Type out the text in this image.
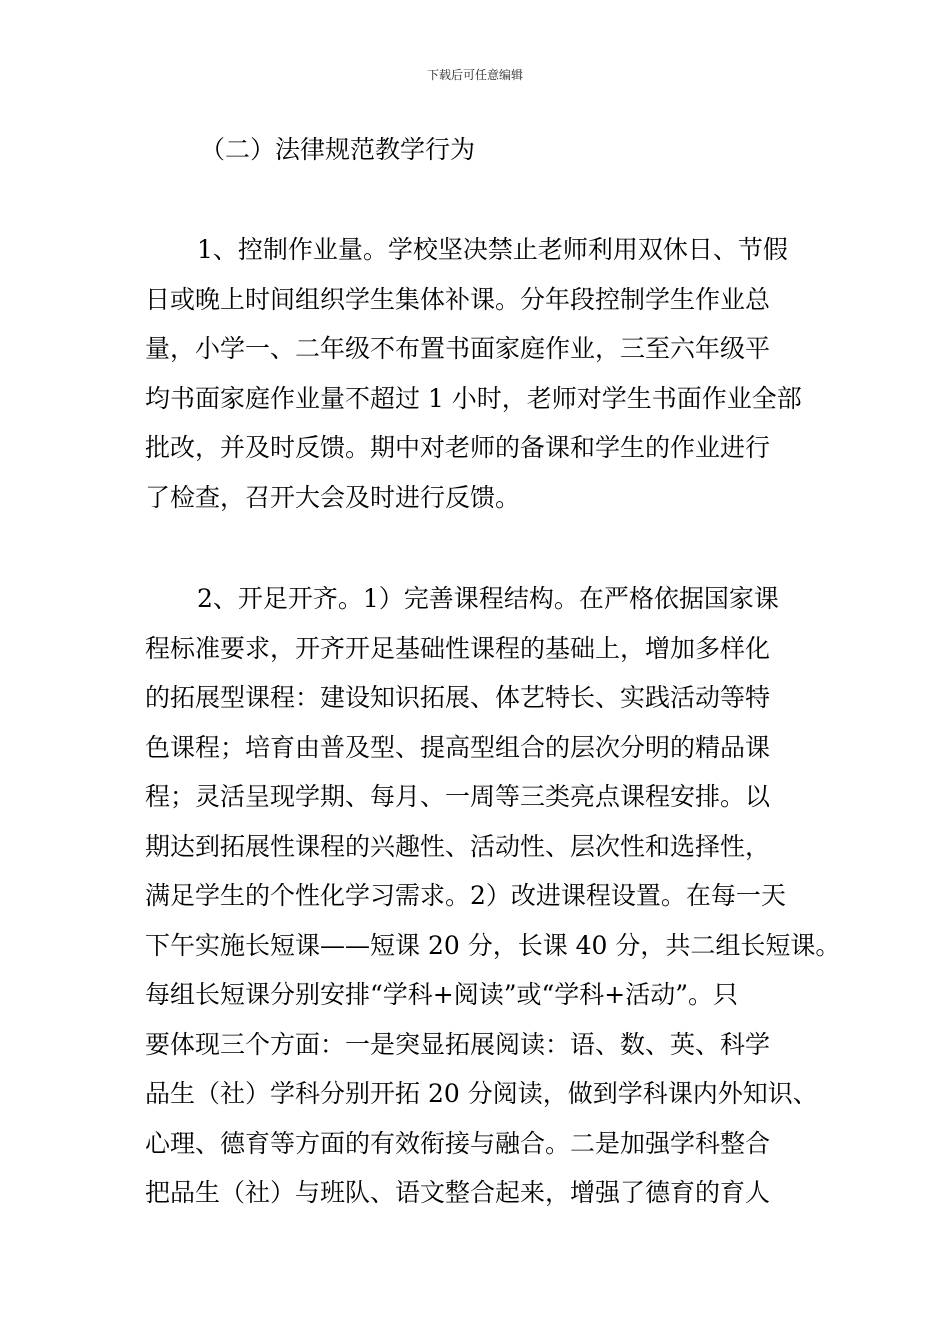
下载后可任意编辑
（二）法律规范教学行为
1、控制作业量。学校坚决禁止老师利用双休日、节假
日或晚上时间组织学生集体补课。分年段控制学生作业总
量，小学一、二年级不布置书面家庭作业，三至六年级平
均书面家庭作业量不超过 1 小时，老师对学生书面作业全部
批改，并及时反馈。期中对老师的备课和学生的作业进行
了检查，召开大会及时进行反馈。
2、开足开齐。1）完善课程结构。在严格依据国家课
程标准要求，开齐开足基础性课程的基础上，增加多样化
的拓展型课程：建设知识拓展、体艺特长、实践活动等特
色课程；培育由普及型、提高型组合的层次分明的精品课
程；灵活呈现学期、每月、一周等三类亮点课程安排。以
期达到拓展性课程的兴趣性、活动性、层次性和选择性，
满足学生的个性化学习需求。2）改进课程设置。在每一天
下午实施长短课——短课 20 分，长课 40 分，共二组长短课。
每组长短课分别安排“学科+阅读”或“学科+活动”。只
要体现三个方面：一是突显拓展阅读：语、数、英、科学
品生（社）学科分别开拓 20 分阅读，做到学科课内外知识、
心理、德育等方面的有效衔接与融合。二是加强学科整合
把品生（社）与班队、语文整合起来，增强了德育的育人
